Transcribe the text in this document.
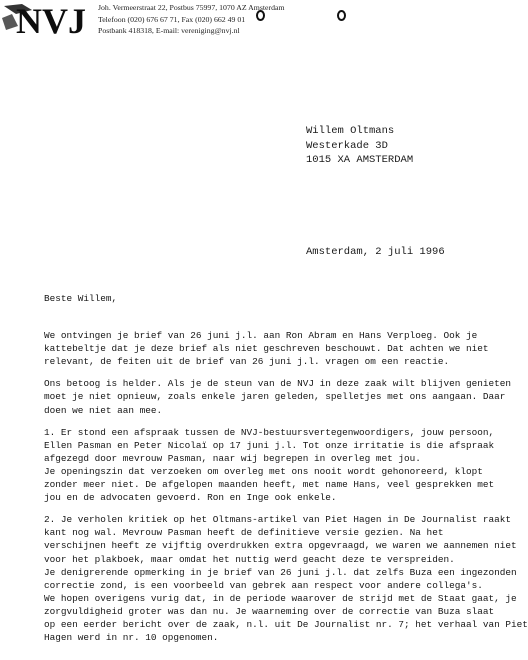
NVJ Joh. Vermeerstraat 22, Postbus 75997, 1070 AZ Amsterdam
Telefoon (020) 676 67 71, Fax (020) 662 49 01
Postbank 418318, E-mail: vereniging@nvj.nl
Willem Oltmans
Westerkade 3D
1015 XA AMSTERDAM
Amsterdam, 2 juli 1996
Beste Willem,
We ontvingen je brief van 26 juni j.l. aan Ron Abram en Hans Verploeg. Ook je
kattebeltje dat je deze brief als niet geschreven beschouwt. Dat achten we niet
relevant, de feiten uit de brief van 26 juni j.l. vragen om een reactie.
Ons betoog is helder. Als je de steun van de NVJ in deze zaak wilt blijven genieten
moet je niet opnieuw, zoals enkele jaren geleden, spelletjes met ons aangaan. Daar
doen we niet aan mee.
1. Er stond een afspraak tussen de NVJ-bestuursvertegenwoordigers, jouw persoon,
Ellen Pasman en Peter Nicolaï op 17 juni j.l. Tot onze irritatie is die afspraak
afgezegd door mevrouw Pasman, naar wij begrepen in overleg met jou.
Je openingszin dat verzoeken om overleg met ons nooit wordt gehonoreerd, klopt
zonder meer niet. De afgelopen maanden heeft, met name Hans, veel gesprekken met
jou en de advocaten gevoerd. Ron en Inge ook enkele.
2. Je verholen kritiek op het Oltmans-artikel van Piet Hagen in De Journalist raakt
kant nog wal. Mevrouw Pasman heeft de definitieve versie gezien. Na het
verschijnen heeft ze vijftig overdrukken extra opgevraagd, we waren we aannemen niet
voor het plakboek, maar omdat het nuttig werd geacht deze te verspreiden.
Je denigrerende opmerking in je brief van 26 juni j.l. dat zelfs Buza een ingezonden
correctie zond, is een voorbeeld van gebrek aan respect voor andere collega's.
We hopen overigens vurig dat, in de periode waarover de strijd met de Staat gaat, je
zorgvuldigheid groter was dan nu. Je waarneming over de correctie van Buza slaat
op een eerder bericht over de zaak, n.l. uit De Journalist nr. 7; het verhaal van Piet
Hagen werd in nr. 10 opgenomen.
